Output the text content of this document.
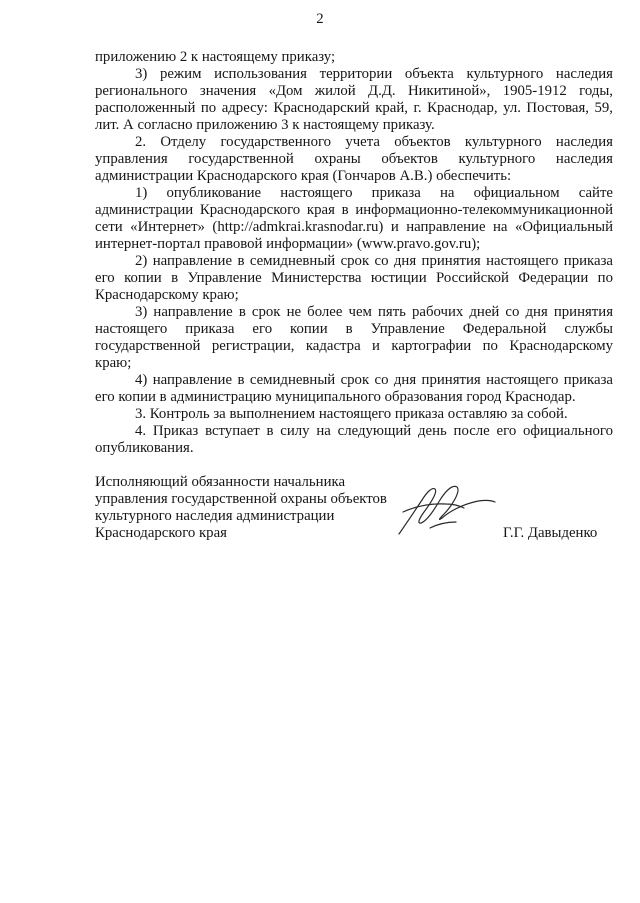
2
приложению 2 к настоящему приказу;
3) режим использования территории объекта культурного наследия
регионального значения «Дом жилой Д.Д. Никитиной», 1905-1912 годы,
расположенный по адресу: Краснодарский край, г. Краснодар, ул. Постовая, 59,
лит. А согласно приложению 3 к настоящему приказу.
2. Отделу государственного учета объектов культурного наследия
управления государственной охраны объектов культурного наследия
администрации Краснодарского края (Гончаров А.В.) обеспечить:
1) опубликование настоящего приказа на официальном сайте
администрации Краснодарского края в информационно-телекоммуникационной
сети «Интернет» (http://admkrai.krasnodar.ru) и направление на «Официальный
интернет-портал правовой информации» (www.pravo.gov.ru);
2) направление в семидневный срок со дня принятия настоящего приказа
его копии в Управление Министерства юстиции Российской Федерации по
Краснодарскому краю;
3) направление в срок не более чем пять рабочих дней со дня принятия
настоящего приказа его копии в Управление Федеральной службы
государственной регистрации, кадастра и картографии по Краснодарскому
краю;
4) направление в семидневный срок со дня принятия настоящего приказа
его копии в администрацию муниципального образования город Краснодар.
3. Контроль за выполнением настоящего приказа оставляю за собой.
4. Приказ вступает в силу на следующий день после его официального
опубликования.
Исполняющий обязанности начальника
управления государственной охраны объектов
культурного наследия администрации
Краснодарского края	Г.Г. Давыденко
